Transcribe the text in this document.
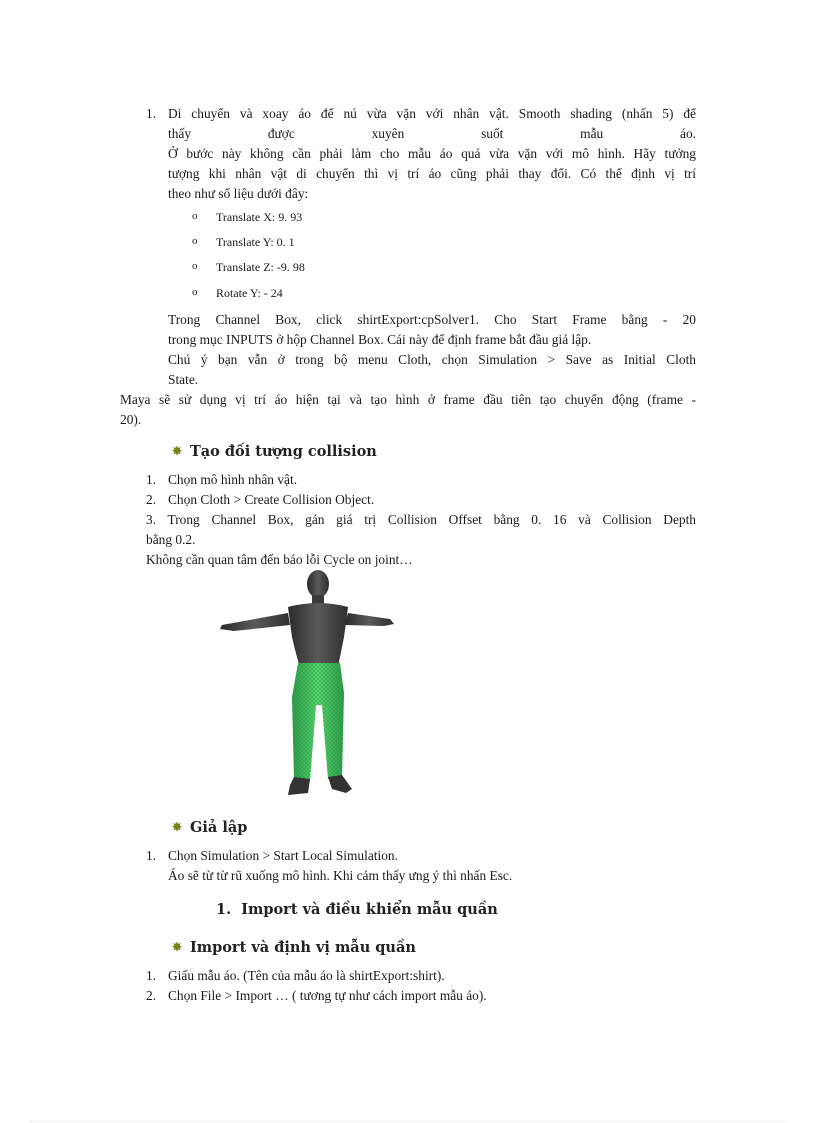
1. Di chuyển và xoay áo để nú vừa vặn với nhân vật. Smooth shading (nhấn 5) để
thấy được xuyên suốt mẫu áo.
Ở bước này không cần phải làm cho mẫu áo quá vừa vặn với mô hình. Hãy tưởng
tượng khi nhân vật di chuyển thì vị trí áo cũng phải thay đổi. Có thể định vị trí
theo như số liệu dưới đây:
o Translate X: 9. 93
o Translate Y: 0. 1
o Translate Z: -9. 98
o Rotate Y: - 24
Trong Channel Box, click shirtExport:cpSolver1. Cho Start Frame bằng - 20
trong mục INPUTS ở hộp Channel Box. Cái này để định frame bắt đầu giả lập.
Chú ý bạn vẫn ở trong bộ menu Cloth, chọn Simulation > Save as Initial Cloth
State.
Maya sẽ sử dụng vị trí áo hiện tại và tạo hình ở frame đầu tiên tạo chuyển động (frame -
20).
✸ Tạo đối tượng collision
1. Chọn mô hình nhân vật.
2. Chọn Cloth > Create Collision Object.
3. Trong Channel Box, gán giá trị Collision Offset bằng 0. 16 và Collision Depth
bằng 0.2.
Không cần quan tâm đến báo lỗi Cycle on joint…
✸ Giả lập
1. Chọn Simulation > Start Local Simulation.
Áo sẽ từ từ rũ xuống mô hình. Khi cảm thấy ưng ý thì nhấn Esc.
1. Import và điều khiển mẫu quần
✸ Import và định vị mẫu quần
1. Giấu mẫu áo. (Tên của mẫu áo là shirtExport:shirt).
2. Chọn File > Import … ( tương tự như cách import mẫu áo).
